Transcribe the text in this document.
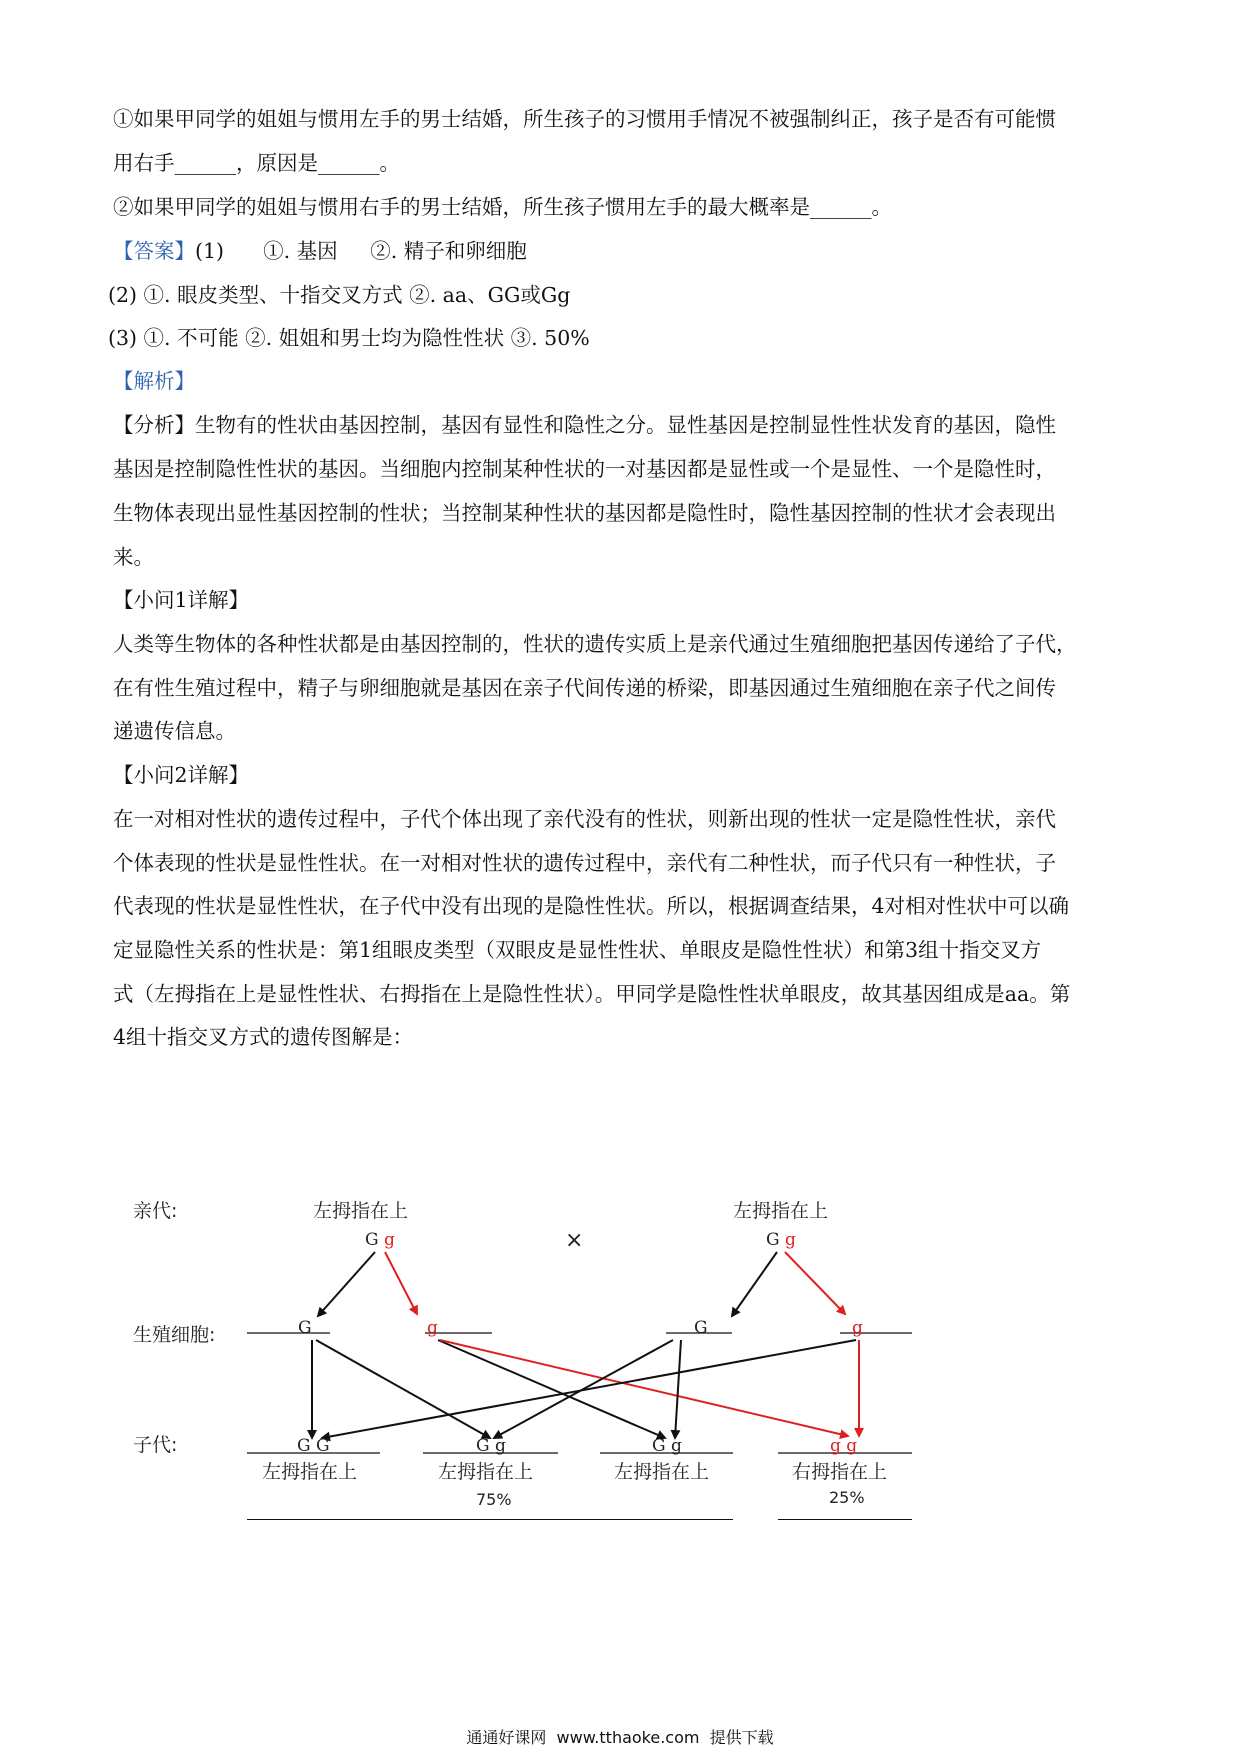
①如果甲同学的姐姐与惯用左手的男士结婚，所生孩子的习惯用手情况不被强制纠正，孩子是否有可能惯
用右手______，原因是______。
②如果甲同学的姐姐与惯用右手的男士结婚，所生孩子惯用左手的最大概率是______。
【答案】(1)      ①. 基因     ②. 精子和卵细胞
(2) ①. 眼皮类型、十指交叉方式 ②. aa、GG或Gg
(3) ①. 不可能 ②. 姐姐和男士均为隐性性状 ③. 50%
【解析】
【分析】生物有的性状由基因控制，基因有显性和隐性之分。显性基因是控制显性性状发育的基因，隐性
基因是控制隐性性状的基因。当细胞内控制某种性状的一对基因都是显性或一个是显性、一个是隐性时，
生物体表现出显性基因控制的性状；当控制某种性状的基因都是隐性时，隐性基因控制的性状才会表现出
来。
【小问1详解】
人类等生物体的各种性状都是由基因控制的，性状的遗传实质上是亲代通过生殖细胞把基因传递给了子代，
在有性生殖过程中，精子与卵细胞就是基因在亲子代间传递的桥梁，即基因通过生殖细胞在亲子代之间传
递遗传信息。
【小问2详解】
在一对相对性状的遗传过程中，子代个体出现了亲代没有的性状，则新出现的性状一定是隐性性状，亲代
个体表现的性状是显性性状。在一对相对性状的遗传过程中，亲代有二种性状，而子代只有一种性状，子
代表现的性状是显性性状，在子代中没有出现的是隐性性状。所以，根据调查结果，4对相对性状中可以确
定显隐性关系的性状是：第1组眼皮类型（双眼皮是显性性状、单眼皮是隐性性状）和第3组十指交叉方
式（左拇指在上是显性性状、右拇指在上是隐性性状）。甲同学是隐性性状单眼皮，故其基因组成是aa。第
4组十指交叉方式的遗传图解是：
亲代:	左拇指在上	左拇指在上
×
G g	G g
生殖细胞:	G	g	G	g
子代:	G G
左拇指在上
G g
左拇指在上
G g
左拇指在上
g g
右拇指在上
75%	25%
通通好课网  www.tthaoke.com  提供下载
